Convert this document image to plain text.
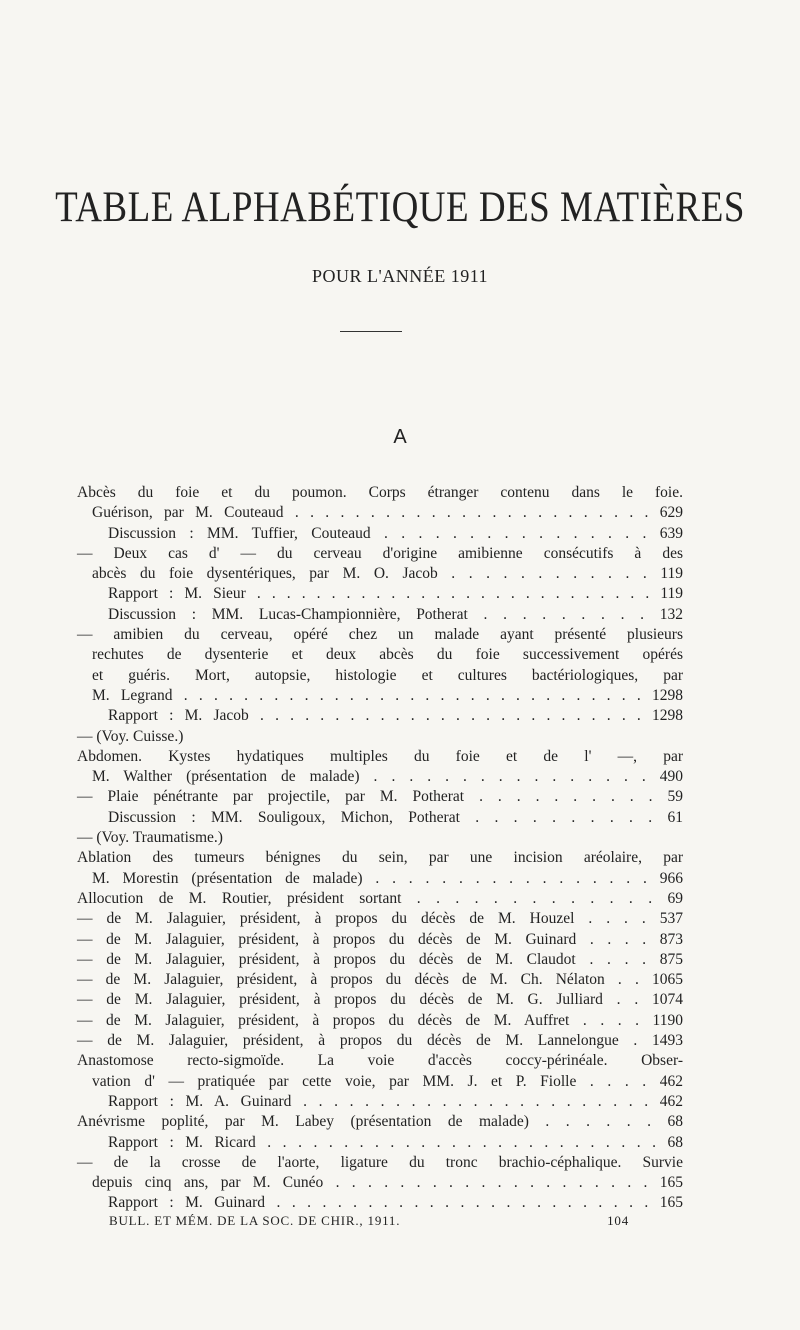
TABLE ALPHABÉTIQUE DES MATIÈRES
POUR L'ANNÉE 1911
A
Abcès du foie et du poumon. Corps étranger contenu dans le foie.
Guérison, par M. Couteaud . . . . . . . . . . . . . . . . . . . . . . . . 629
Discussion : MM. Tuffier, Couteaud . . . . . . . . . . . . . . . . 639
— Deux cas d' — du cerveau d'origine amibienne consécutifs à des
abcès du foie dysentériques, par M. O. Jacob . . . . . . . . . . . . 119
Rapport : M. Sieur . . . . . . . . . . . . . . . . . . . . . . . . . . . 119
Discussion : MM. Lucas-Championnière, Potherat . . . . . . . . . 132
— amibien du cerveau, opéré chez un malade ayant présenté plusieurs
rechutes de dysenterie et deux abcès du foie successivement opérés
et guéris. Mort, autopsie, histologie et cultures bactériologiques, par
M. Legrand . . . . . . . . . . . . . . . . . . . . . . . . . . . . . . . 1298
Rapport : M. Jacob . . . . . . . . . . . . . . . . . . . . . . . . . . 1298
— (Voy. Cuisse.)
Abdomen. Kystes hydatiques multiples du foie et de l' —, par
M. Walther (présentation de malade) . . . . . . . . . . . . . . . . 490
— Plaie pénétrante par projectile, par M. Potherat . . . . . . . . . . 59
Discussion : MM. Souligoux, Michon, Potherat . . . . . . . . . . 61
— (Voy. Traumatisme.)
Ablation des tumeurs bénignes du sein, par une incision aréolaire, par
M. Morestin (présentation de malade) . . . . . . . . . . . . . . . . . 966
Allocution de M. Routier, président sortant . . . . . . . . . . . . . 69
— de M. Jalaguier, président, à propos du décès de M. Houzel . . . . 537
— de M. Jalaguier, président, à propos du décès de M. Guinard . . . . 873
— de M. Jalaguier, président, à propos du décès de M. Claudot . . . . 875
— de M. Jalaguier, président, à propos du décès de M. Ch. Nélaton . . 1065
— de M. Jalaguier, président, à propos du décès de M. G. Julliard . . 1074
— de M. Jalaguier, président, à propos du décès de M. Auffret . . . . 1190
— de M. Jalaguier, président, à propos du décès de M. Lannelongue . 1493
Anastomose recto-sigmoïde. La voie d'accès coccy-périnéale. Obser-
vation d' — pratiquée par cette voie, par MM. J. et P. Fiolle . . . . 462
Rapport : M. A. Guinard . . . . . . . . . . . . . . . . . . . . . . . 462
Anévrisme poplité, par M. Labey (présentation de malade) . . . . . . 68
Rapport : M. Ricard . . . . . . . . . . . . . . . . . . . . . . . . . . 68
— de la crosse de l'aorte, ligature du tronc brachio-céphalique. Survie
depuis cinq ans, par M. Cunéo . . . . . . . . . . . . . . . . . . . . 165
Rapport : M. Guinard . . . . . . . . . . . . . . . . . . . . . . . . . 165
BULL. ET MÉM. DE LA SOC. DE CHIR., 1911.	104
